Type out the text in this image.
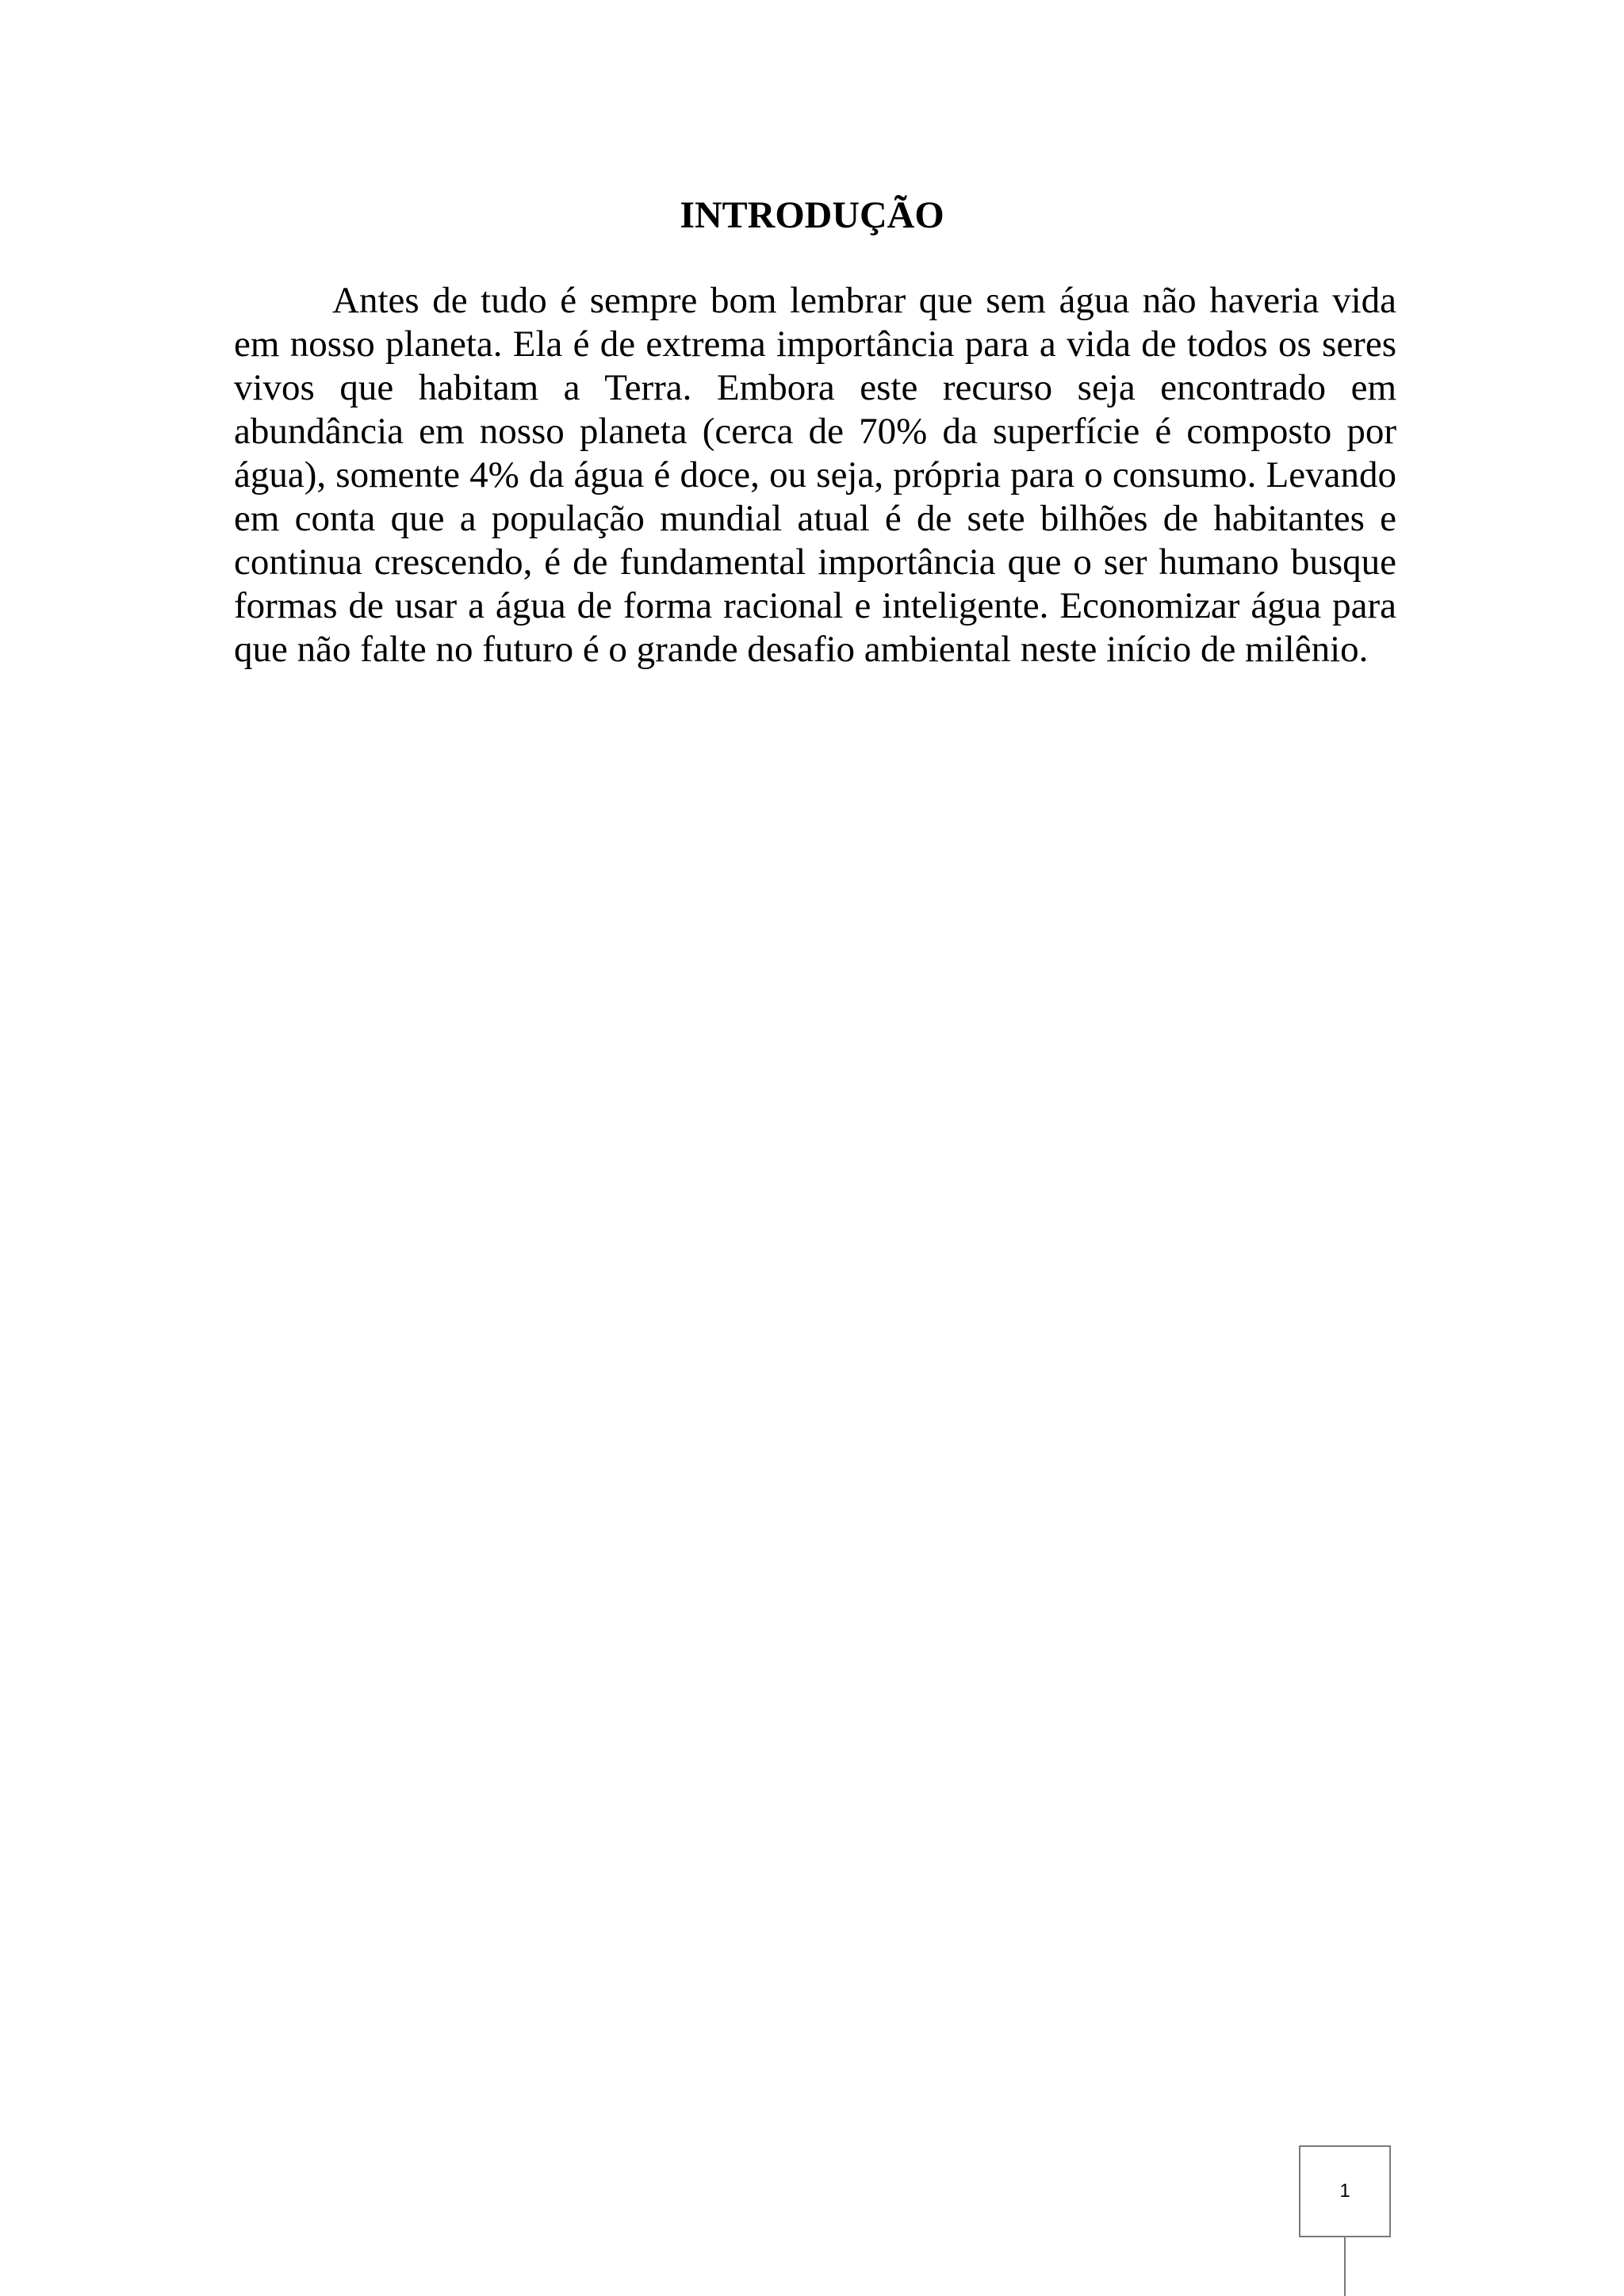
INTRODUÇÃO

Antes de tudo é sempre bom lembrar que sem água não haveria vida em nosso planeta. Ela é de extrema importância para a vida de todos os seres vivos que habitam a Terra. Embora este recurso seja encontrado em abundância em nosso planeta (cerca de 70% da superfície é composto por água), somente 4% da água é doce, ou seja, própria para o consumo. Levando em conta que a população mundial atual é de sete bilhões de habitantes e continua crescendo, é de fundamental importância que o ser humano busque formas de usar a água de forma racional e inteligente. Economizar água para que não falte no futuro é o grande desafio ambiental neste início de milênio.

1
